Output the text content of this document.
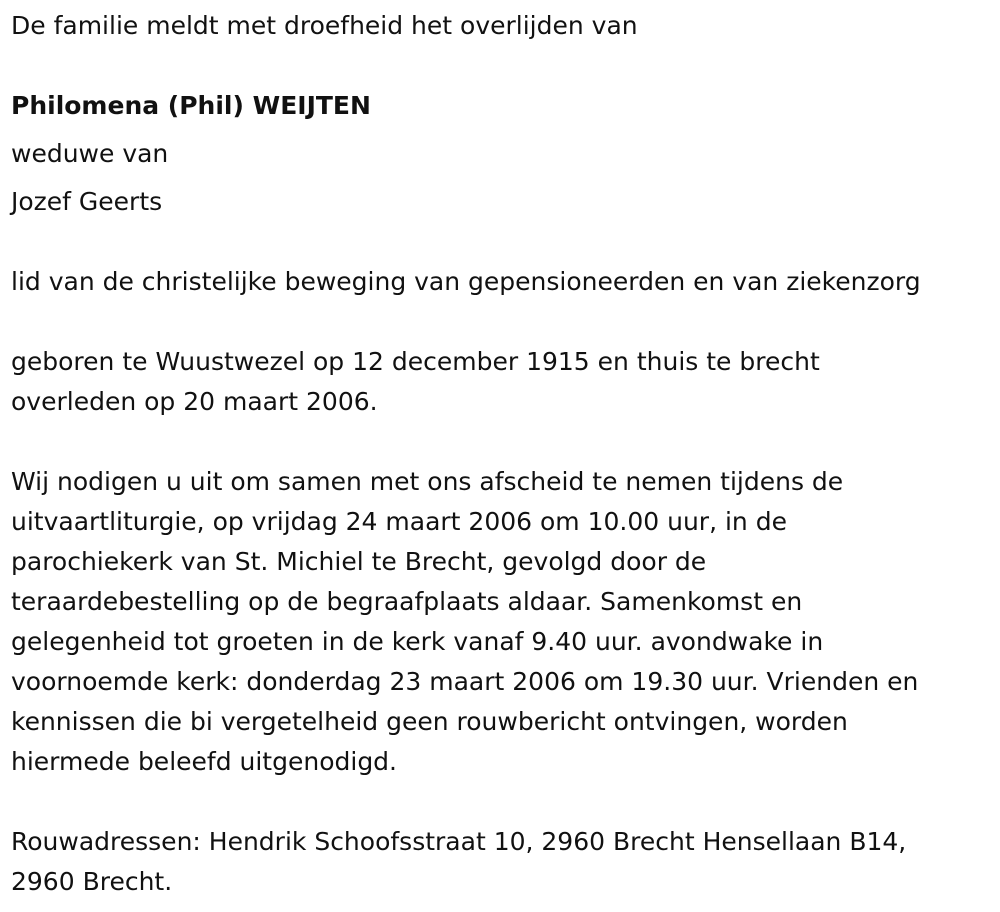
De familie meldt met droefheid het overlijden van
Philomena (Phil) WEIJTEN
weduwe van
Jozef Geerts
lid van de christelijke beweging van gepensioneerden en van ziekenzorg
geboren te Wuustwezel op 12 december 1915 en thuis te brecht
overleden op 20 maart 2006.
Wij nodigen u uit om samen met ons afscheid te nemen tijdens de
uitvaartliturgie, op vrijdag 24 maart 2006 om 10.00 uur, in de
parochiekerk van St. Michiel te Brecht, gevolgd door de
teraardebestelling op de begraafplaats aldaar. Samenkomst en
gelegenheid tot groeten in de kerk vanaf 9.40 uur. avondwake in
voornoemde kerk: donderdag 23 maart 2006 om 19.30 uur. Vrienden en
kennissen die bi vergetelheid geen rouwbericht ontvingen, worden
hiermede beleefd uitgenodigd.
Rouwadressen: Hendrik Schoofsstraat 10, 2960 Brecht Hensellaan B14,
2960 Brecht.
